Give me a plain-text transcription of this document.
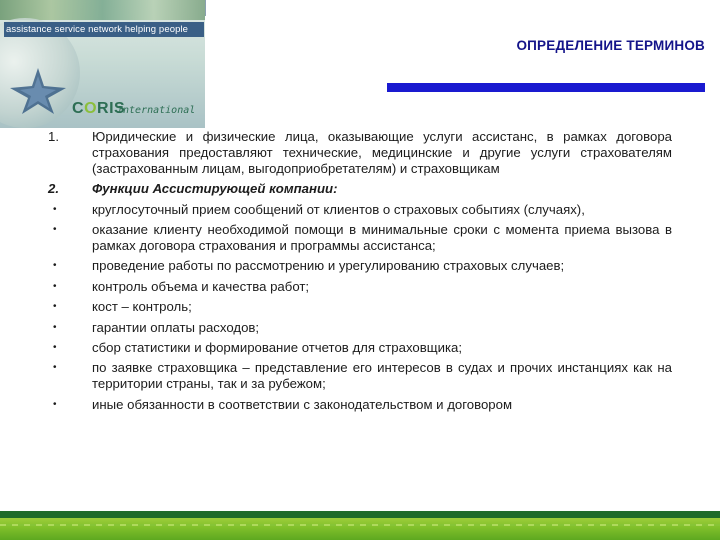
assistance service network helping people
CORIS
International
ОПРЕДЕЛЕНИЕ ТЕРМИНОВ
1.	Юридические и физические лица, оказывающие услуги ассистанс, в рамках договора страхования предоставляют технические, медицинские и другие услуги страхователям (застрахованным лицам, выгодоприобретателям) и страховщикам
2.	Функции Ассистирующей компании:
•	круглосуточный прием сообщений от клиентов о страховых событиях (случаях),
•	оказание клиенту необходимой помощи в минимальные сроки с момента приема вызова в рамках договора страхования и программы ассистанса;
•	проведение работы по рассмотрению и урегулированию страховых случаев;
•	контроль объема и качества работ;
•	кост – контроль;
•	гарантии оплаты расходов;
•	сбор статистики и формирование отчетов для страховщика;
•	по заявке страховщика – представление его интересов в судах и прочих инстанциях как на территории страны, так и за рубежом;
•	иные обязанности в соответствии с законодательством и договором
